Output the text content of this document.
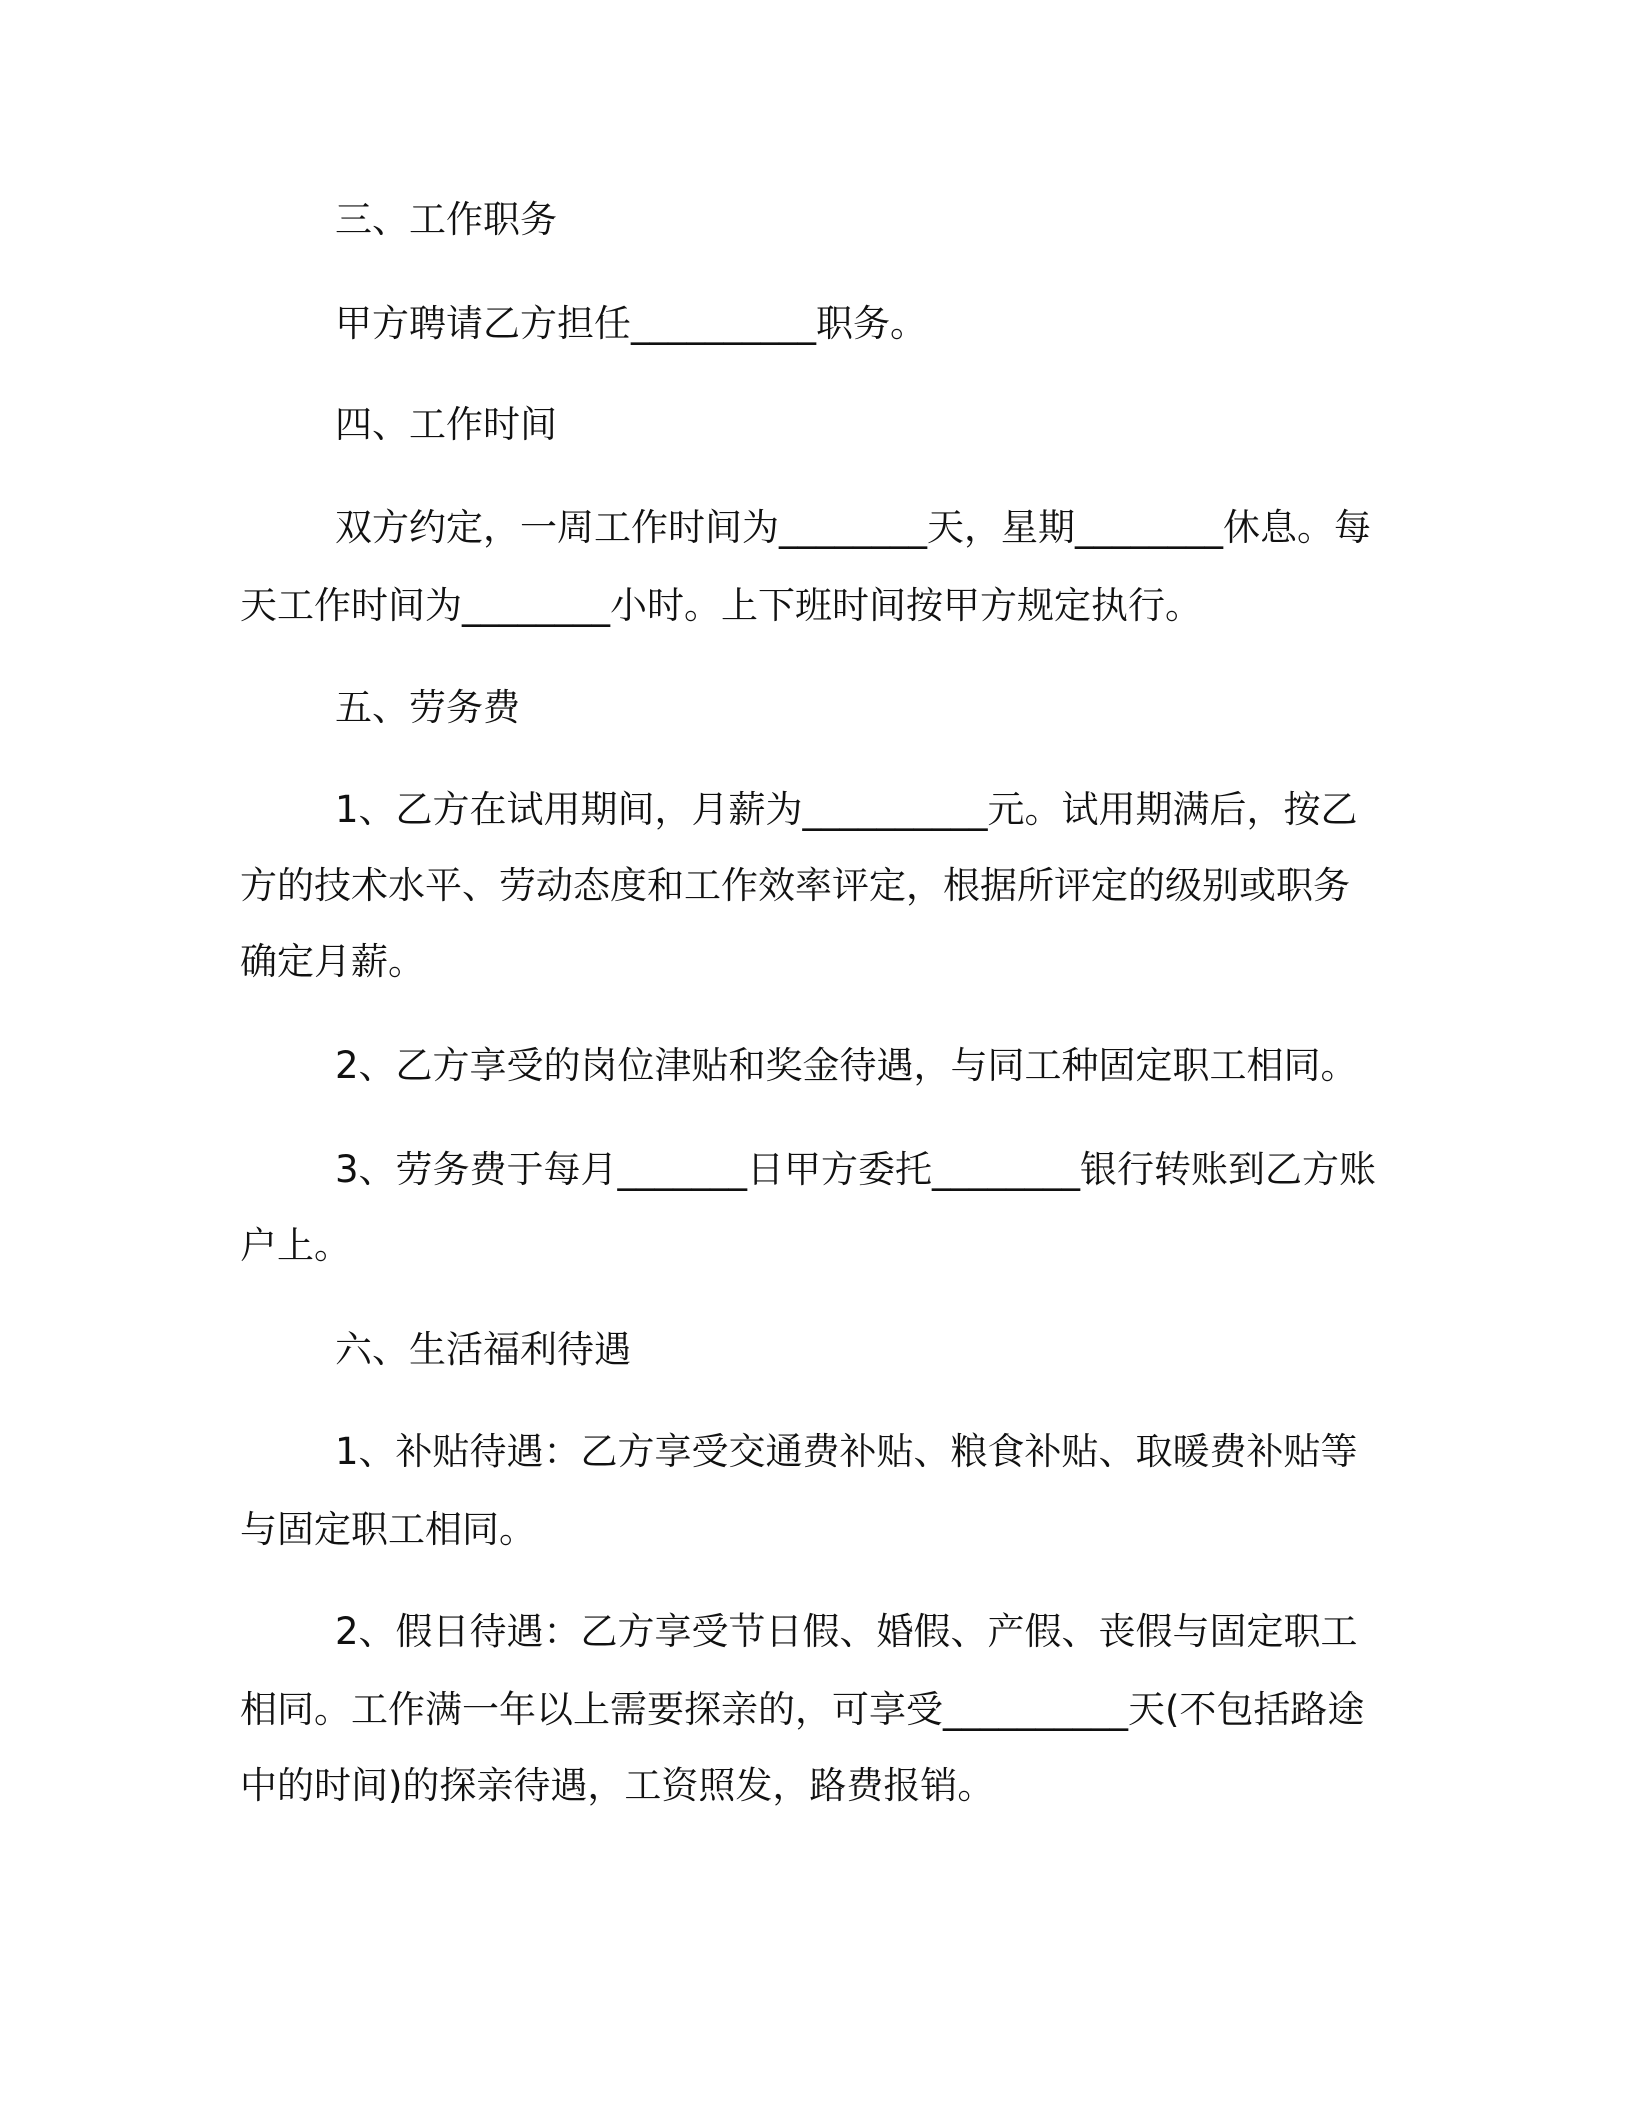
三、工作职务

甲方聘请乙方担任__________职务。

四、工作时间

双方约定，一周工作时间为________天，星期________休息。每

天工作时间为________小时。上下班时间按甲方规定执行。

五、劳务费

1、乙方在试用期间，月薪为__________元。试用期满后，按乙

方的技术水平、劳动态度和工作效率评定，根据所评定的级别或职务

确定月薪。

2、乙方享受的岗位津贴和奖金待遇，与同工种固定职工相同。

3、劳务费于每月_______日甲方委托________银行转账到乙方账

户上。

六、生活福利待遇

1、补贴待遇：乙方享受交通费补贴、粮食补贴、取暖费补贴等

与固定职工相同。

2、假日待遇：乙方享受节日假、婚假、产假、丧假与固定职工

相同。工作满一年以上需要探亲的，可享受__________天(不包括路途

中的时间)的探亲待遇，工资照发，路费报销。
